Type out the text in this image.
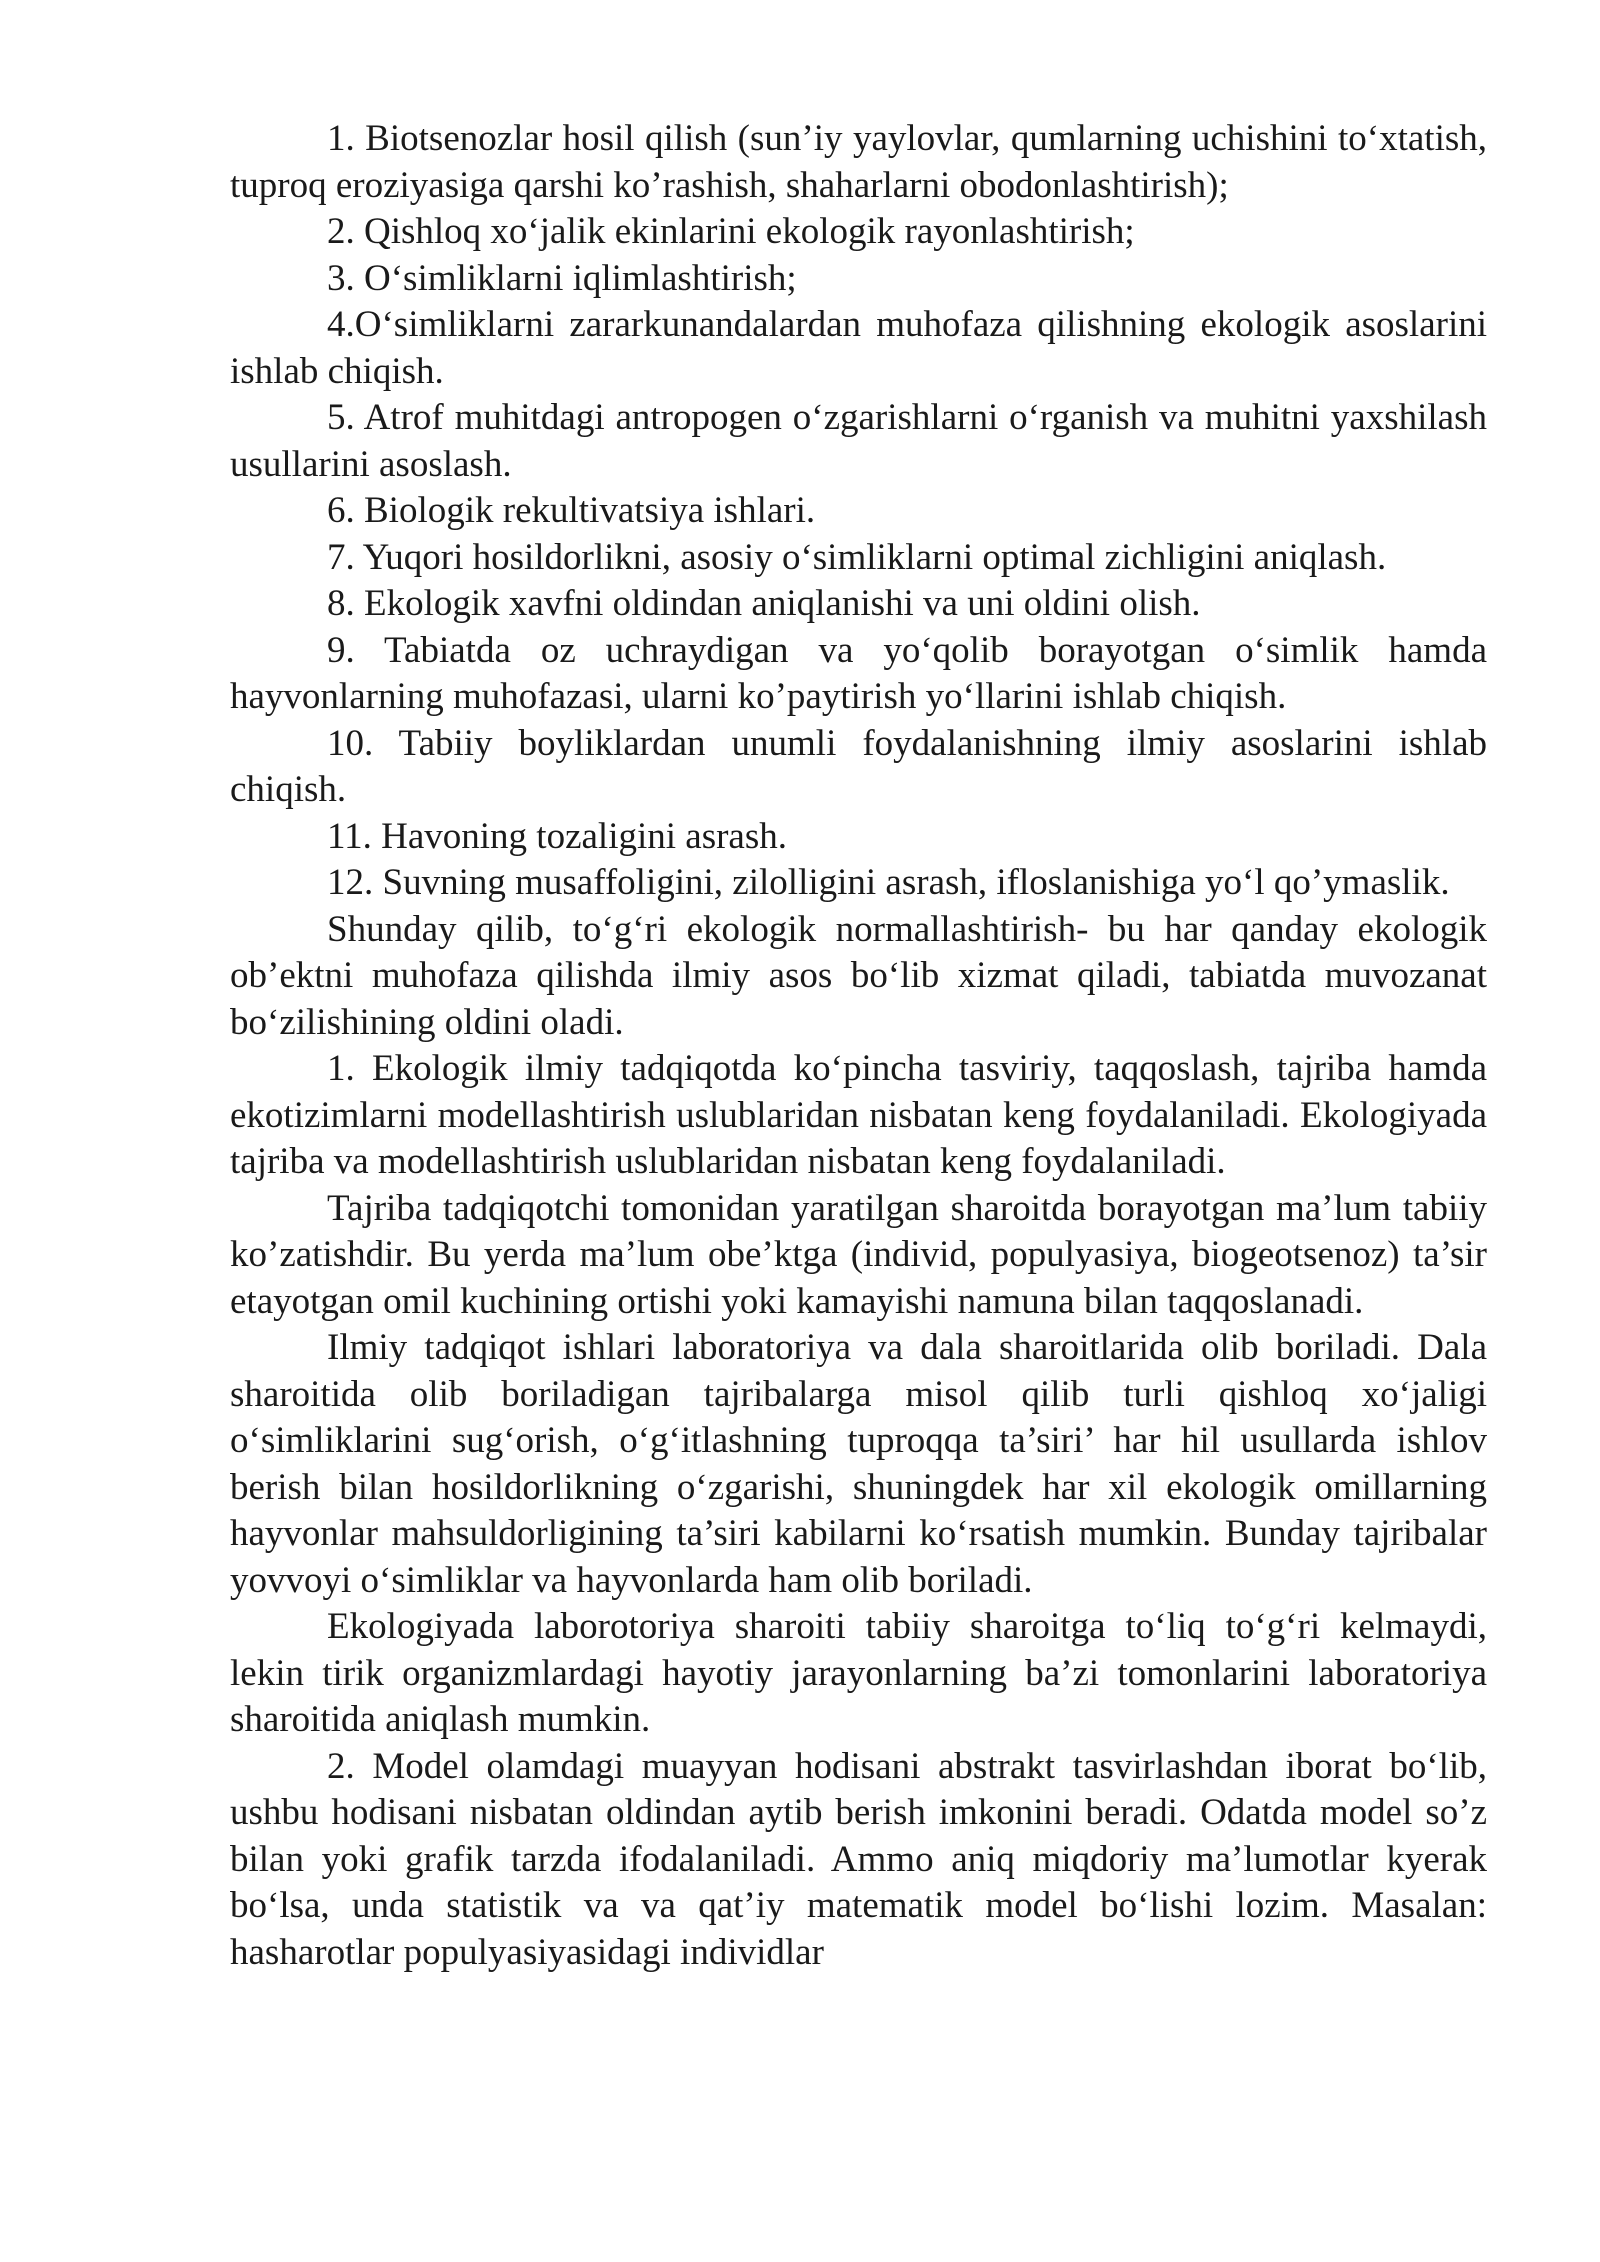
1. Biotsenozlar hosil qilish (sun’iy yaylovlar, qumlarning uchishini to‘xtatish, tuproq eroziyasiga qarshi ko’rashish, shaharlarni obodonlashtirish);

2. Qishloq xo‘jalik ekinlarini ekologik rayonlashtirish;

3. O‘simliklarni iqlimlashtirish;

4.O‘simliklarni zararkunandalardan muhofaza qilishning ekologik asoslarini ishlab chiqish.

5. Atrof muhitdagi antropogen o‘zgarishlarni o‘rganish va muhitni yaxshilash usullarini asoslash.

6. Biologik rekultivatsiya ishlari.

7. Yuqori hosildorlikni, asosiy o‘simliklarni optimal zichligini aniqlash.

8. Ekologik xavfni oldindan aniqlanishi va uni oldini olish.

9. Tabiatda oz uchraydigan va yo‘qolib borayotgan o‘simlik hamda hayvonlarning muhofazasi, ularni ko’paytirish yo‘llarini ishlab chiqish.

10. Tabiiy boyliklardan unumli foydalanishning ilmiy asoslarini ishlab chiqish.

11. Havoning tozaligini asrash.

12. Suvning musaffoligini, zilolligini asrash, ifloslanishiga yo‘l qo’ymaslik.

Shunday qilib, to‘g‘ri ekologik normallashtirish- bu har qanday ekologik ob’ektni muhofaza qilishda ilmiy asos bo‘lib xizmat qiladi, tabiatda muvozanat bo‘zilishining oldini oladi.

1. Ekologik ilmiy tadqiqotda ko‘pincha tasviriy, taqqoslash, tajriba hamda ekotizimlarni modellashtirish uslublaridan nisbatan keng foydalaniladi. Ekologiyada tajriba va modellashtirish uslublaridan nisbatan keng foydalaniladi.

Tajriba tadqiqotchi tomonidan yaratilgan sharoitda borayotgan ma’lum tabiiy ko’zatishdir. Bu yerda ma’lum obe’ktga (individ, populyasiya, biogeotsenoz) ta’sir etayotgan omil kuchining ortishi yoki kamayishi namuna bilan taqqoslanadi.

Ilmiy tadqiqot ishlari laboratoriya va dala sharoitlarida olib boriladi. Dala sharoitida olib boriladigan tajribalarga misol qilib turli qishloq xo‘jaligi o‘simliklarini sug‘orish, o‘g‘itlashning tuproqqa ta’siri’ har hil usullarda ishlov berish bilan hosildorlikning o‘zgarishi, shuningdek har xil ekologik omillarning hayvonlar mahsuldorligining ta’siri kabilarni ko‘rsatish mumkin. Bunday tajribalar yovvoyi o‘simliklar va hayvonlarda ham olib boriladi.

Ekologiyada laborotoriya sharoiti tabiiy sharoitga to‘liq to‘g‘ri kelmaydi, lekin tirik organizmlardagi hayotiy jarayonlarning ba’zi tomonlarini laboratoriya sharoitida aniqlash mumkin.

2. Model olamdagi muayyan hodisani abstrakt tasvirlashdan iborat bo‘lib, ushbu hodisani nisbatan oldindan aytib berish imkonini beradi. Odatda model so’z bilan yoki grafik tarzda ifodalaniladi. Ammo aniq miqdoriy ma’lumotlar kyerak bo‘lsa, unda statistik va va qat’iy matematik model bo‘lishi lozim. Masalan: hasharotlar populyasiyasidagi individlar
